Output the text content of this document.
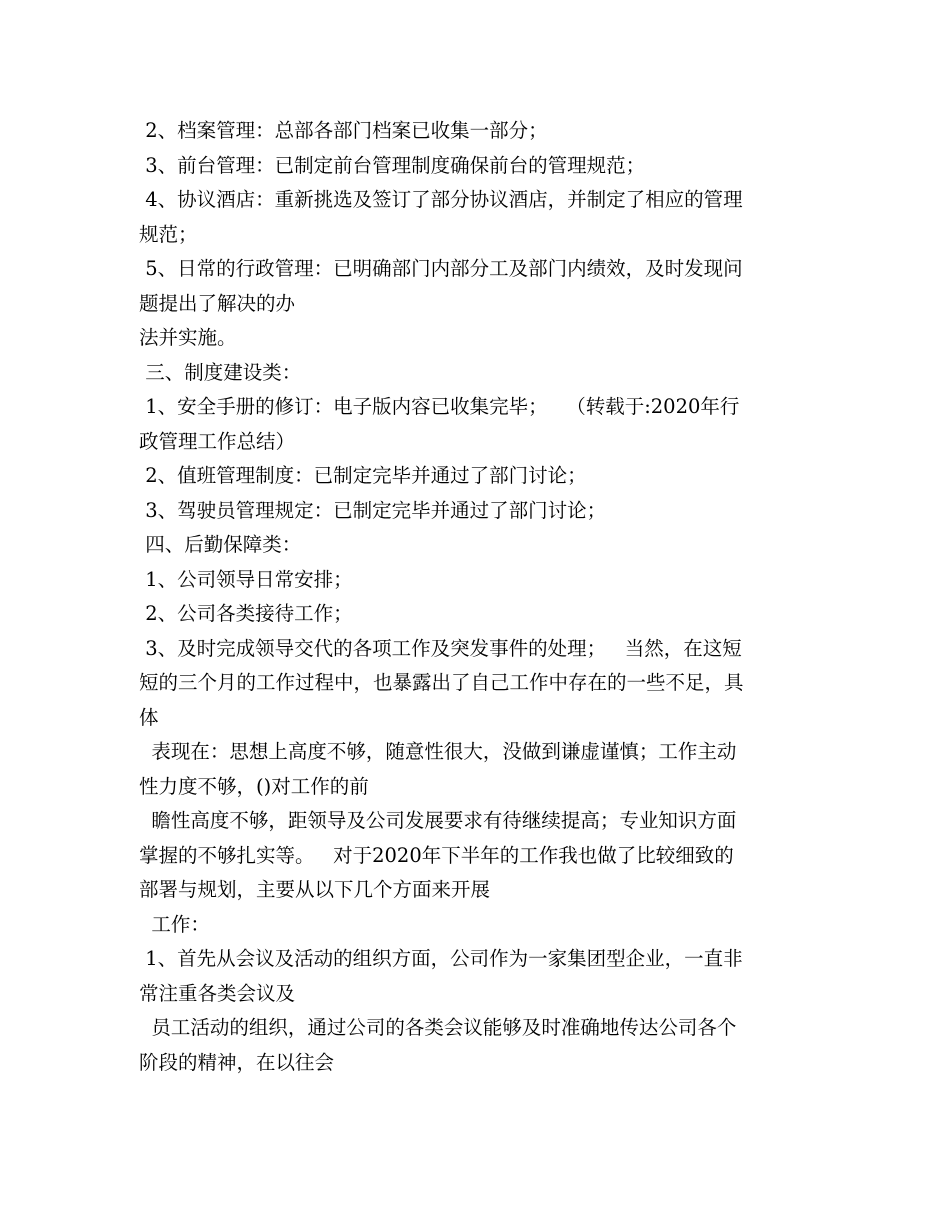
2、档案管理：总部各部门档案已收集一部分；
3、前台管理：已制定前台管理制度确保前台的管理规范；
4、协议酒店：重新挑选及签订了部分协议酒店，并制定了相应的管理
规范；
5、日常的行政管理：已明确部门内部分工及部门内绩效，及时发现问
题提出了解决的办
法并实施。
三、制度建设类：
1、安全手册的修订：电子版内容已收集完毕；   （转载于:2020年行
政管理工作总结）
2、值班管理制度：已制定完毕并通过了部门讨论；
3、驾驶员管理规定：已制定完毕并通过了部门讨论；
四、后勤保障类：
1、公司领导日常安排；
2、公司各类接待工作；
3、及时完成领导交代的各项工作及突发事件的处理；   当然，在这短
短的三个月的工作过程中，也暴露出了自己工作中存在的一些不足，具
体
表现在：思想上高度不够，随意性很大，没做到谦虚谨慎；工作主动
性力度不够，()对工作的前
瞻性高度不够，距领导及公司发展要求有待继续提高；专业知识方面
掌握的不够扎实等。   对于2020年下半年的工作我也做了比较细致的
部署与规划，主要从以下几个方面来开展
工作：
1、首先从会议及活动的组织方面，公司作为一家集团型企业，一直非
常注重各类会议及
员工活动的组织，通过公司的各类会议能够及时准确地传达公司各个
阶段的精神，在以往会
